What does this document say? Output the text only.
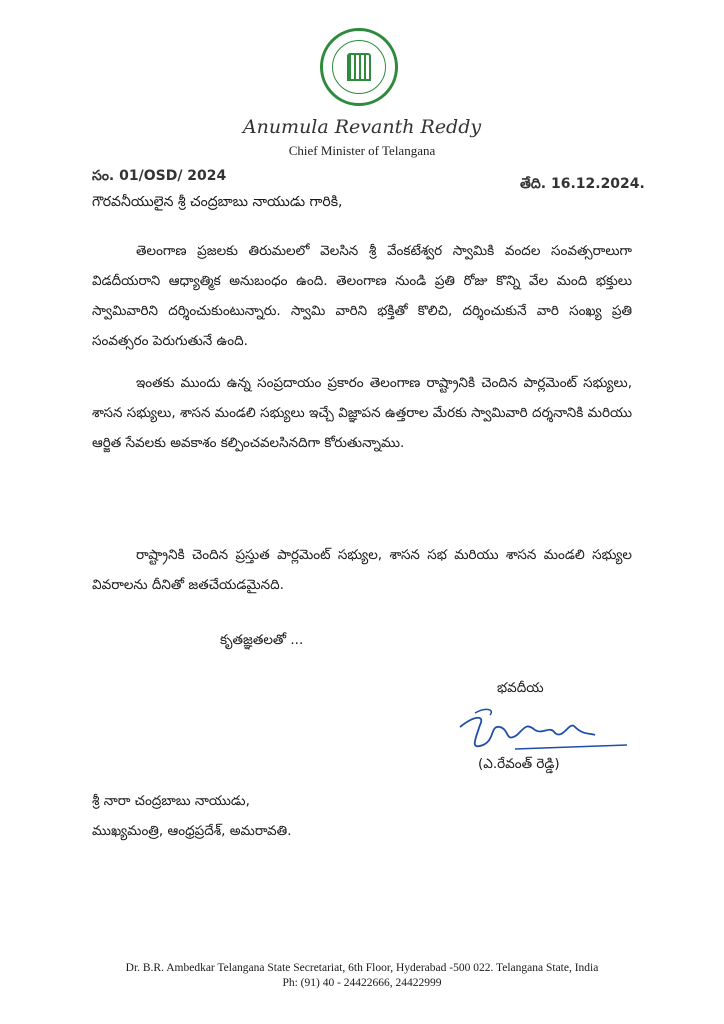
Anumula Revanth Reddy
Chief Minister of Telangana
సం. 01/OSD/ 2024	తేది. 16.12.2024.
గౌరవనీయులైన శ్రీ చంద్రబాబు నాయుడు గారికి,
తెలంగాణ ప్రజలకు తిరుమలలో వెలసిన శ్రీ వేంకటేశ్వర స్వామికి వందల సంవత్సరాలుగా విడదీయరాని ఆధ్యాత్మిక అనుబంధం ఉంది. తెలంగాణ నుండి ప్రతి రోజు కొన్ని వేల మంది భక్తులు స్వామివారిని దర్శించుకుంటున్నారు. స్వామి వారిని భక్తితో కొలిచి, దర్శించుకునే వారి సంఖ్య ప్రతి సంవత్సరం పెరుగుతునే ఉంది.
ఇంతకు ముందు ఉన్న సంప్రదాయం ప్రకారం తెలంగాణ రాష్ట్రానికి చెందిన పార్లమెంట్ సభ్యులు, శాసన సభ్యులు, శాసన మండలి సభ్యులు ఇచ్చే విజ్ఞాపన ఉత్తరాల మేరకు స్వామివారి దర్శనానికి మరియు ఆర్జిత సేవలకు అవకాశం కల్పించవలసినదిగా కోరుతున్నాము.
రాష్ట్రానికి చెందిన ప్రస్తుత పార్లమెంట్ సభ్యుల, శాసన సభ మరియు శాసన మండలి సభ్యుల వివరాలను దీనితో జతచేయడమైనది.
కృతజ్ఞతలతో ...
భవదీయ
(ఎ.రేవంత్ రెడ్డి)
శ్రీ నారా చంద్రబాబు నాయుడు,
ముఖ్యమంత్రి, ఆంధ్రప్రదేశ్, అమరావతి.
Dr. B.R. Ambedkar Telangana State Secretariat, 6th Floor, Hyderabad -500 022. Telangana State, India
Ph: (91) 40 - 24422666, 24422999
